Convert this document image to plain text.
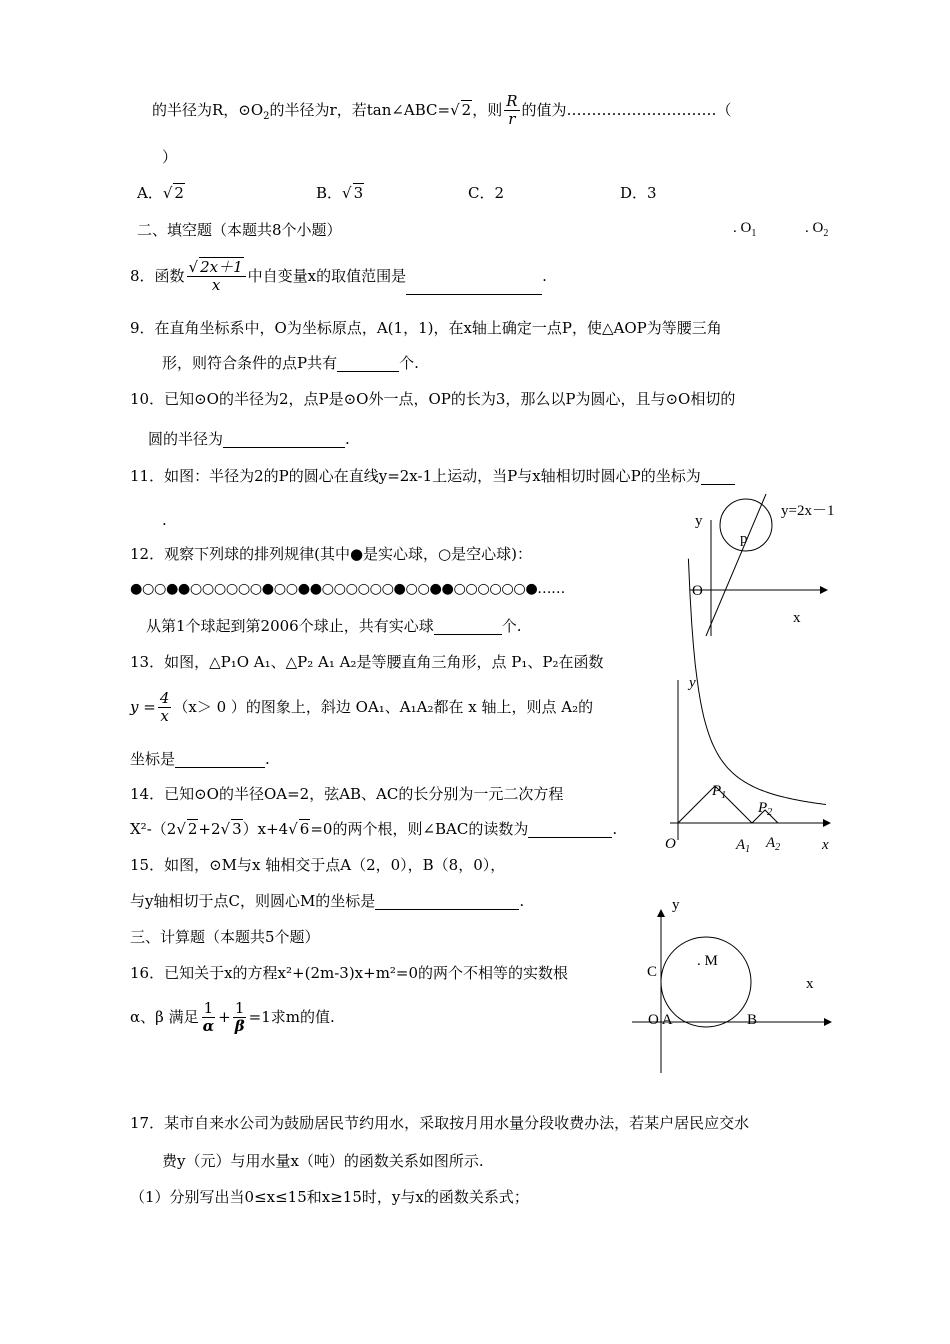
的半径为R，$⊙O_2$的半径为r，若tan∠ABC=√ 2，则 $\frac{R}{r}$ 的值为…………………………（
）
A．√ 2	B．√ 3	C．2	D．3
二、填空题（本题共8个小题）	. $O_1$	. $O_2$
8．函数 $\frac{√ 2x+1}{x}$ 中自变量x的取值范围是	.
9．在直角坐标系中，O为坐标原点，A(1，1)，在x轴上确定一点P，使△AOP为等腰三角
形，则符合条件的点P共有	个.
10．已知⊙O的半径为2，点P是⊙O外一点，OP的长为3，那么以P为圆心，且与⊙O相切的
圆的半径为	.
11．如图：半径为2的P的圆心在直线y=2x-1上运动，当P与x轴相切时圆心P的坐标为
.	y
y=2x－1
p
O
x
12．观察下列球的排列规律(其中●是实心球，○是空心球)：
●○○●●○○○○○○●○○●●○○○○○○●○○●●○○○○○○●……
从第1个球起到第2006个球止，共有实心球	个.
13．如图，△P₁O A₁、△P₂ A₁ A₂是等腰直角三角形，点 P₁、P₂在函数
$y = \frac{4}{x} (x> 0$ ）的图象上，斜边 OA₁、A₁A₂都在 x 轴上，则点 A₂的
坐标是	.
y
$P_1$
$P_2$
O	$A_1$ $A_2$	x
14．已知⊙O的半径OA=2，弦AB、AC的长分别为一元二次方程
X²-（2√ 2+2√ 3）x+4√ 6=0的两个根，则∠BAC的读数为	.
15．如图，⊙M与x 轴相交于点A（2，0），B（8，0），
与y轴相切于点C，则圆心M的坐标是	.
三、计算题（本题共5个题）
y
C
. M
x
O A	B
16．已知关于x的方程x²+(2m-3)x+m²=0的两个不相等的实数根
α、β 满足 $\frac{1}{\alpha} + \frac{1}{\beta} =1$求m的值.
17．某市自来水公司为鼓励居民节约用水，采取按月用水量分段收费办法，若某户居民应交水
费y（元）与用水量x（吨）的函数关系如图所示.
（1）分别写出当0≤x≤15和x≥15时，y与x的函数关系式；
